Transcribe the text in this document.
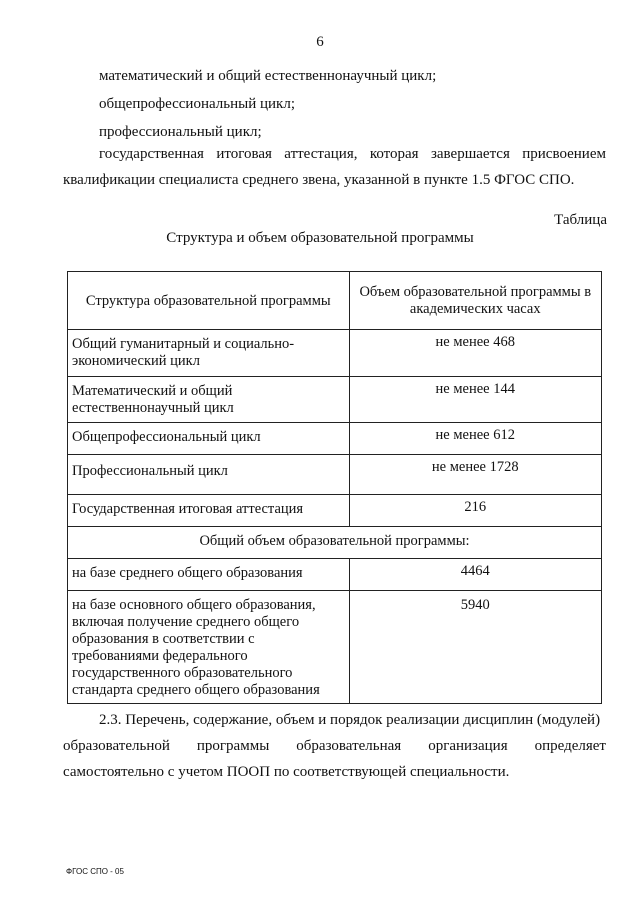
6
математический и общий естественнонаучный цикл;
общепрофессиональный цикл;
профессиональный цикл;
государственная итоговая аттестация, которая завершается присвоением
квалификации специалиста среднего звена, указанной в пункте 1.5 ФГОС СПО.
Таблица
Структура и объем образовательной программы
Структура образовательной программы	Объем образовательной программы в академических часах
Общий гуманитарный и социально-экономический цикл	не менее 468
Математический и общий естественнонаучный цикл	не менее 144
Общепрофессиональный цикл	не менее 612
Профессиональный цикл	не менее 1728
Государственная итоговая аттестация	216
Общий объем образовательной программы:	
на базе среднего общего образования	4464
на базе основного общего образования, включая получение среднего общего образования в соответствии с требованиями федерального государственного образовательного стандарта среднего общего образования	5940
2.3. Перечень, содержание, объем и порядок реализации дисциплин (модулей)
образовательной программы образовательная организация определяет
самостоятельно с учетом ПООП по соответствующей специальности.
ФГОС СПО - 05
